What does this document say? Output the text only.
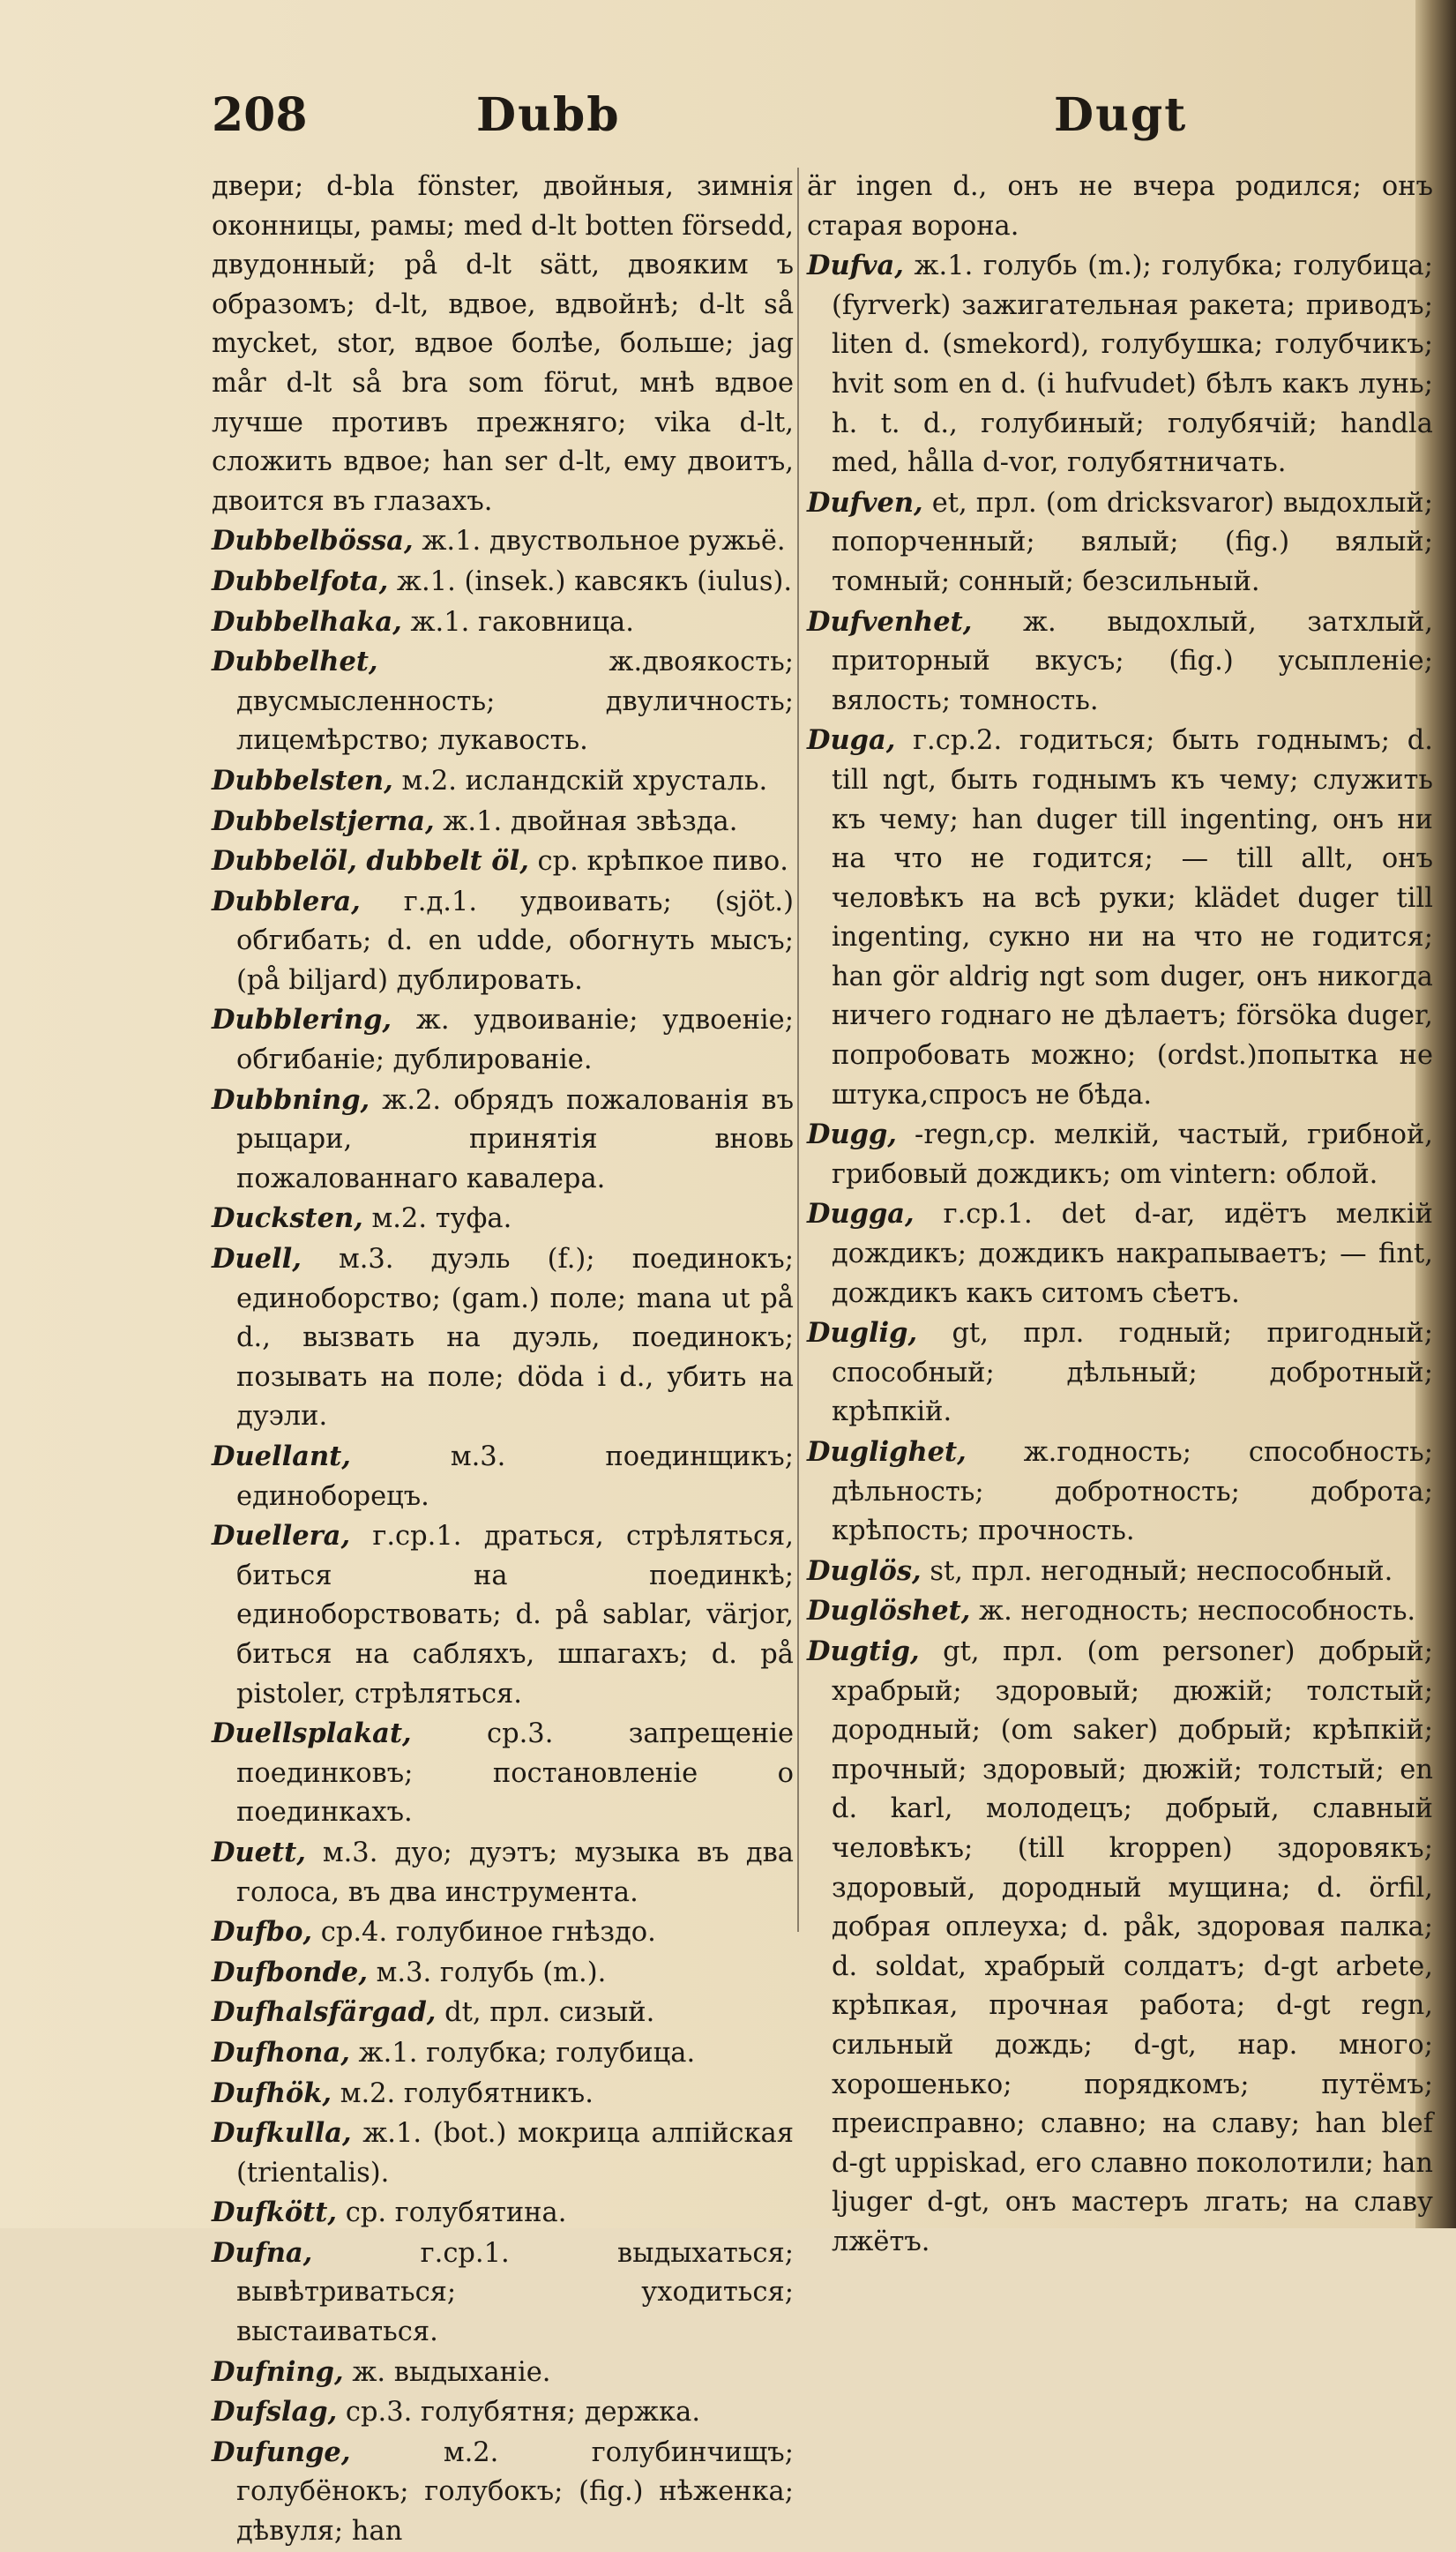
208	Dubb	Dugt

двери; d-bla fönster, двойныя, зимнія оконницы, рамы; med d-lt botten försedd, двудонный; på d-lt sätt, двояким ъ образомъ; d-lt, вдвое, вдвойнѣ; d-lt så mycket, stor, вдвое болѣе, больше; jag mår d-lt så bra som förut, мнѣ вдвое лучше противъ прежняго; vika d-lt, сложить вдвое; han ser d-lt, ему двоитъ, двоится въ глазахъ.

Dubbelbössa, ж.1. двуствольное ружьё.

Dubbelfota, ж.1. (insek.) кавсякъ (iulus).

Dubbelhaka, ж.1. гаковница.

Dubbelhet,	ж.двоякость; двусмысленность; двуличность; лицемѣрство; лукавость.

Dubbelsten, м.2. исландскій хрусталь.

Dubbelstjerna, ж.1. двойная звѣзда.

Dubbelöl, dubbelt öl, ср. крѣпкое пиво.

Dubblera, г.д.1. удвоивать; (sjöt.) обгибать; d. en udde, обогнуть мысъ; (på biljard) дублировать.

Dubblering, ж. удвоиваніе; удвоеніе; обгибаніе; дублированіе.

Dubbning, ж.2. обрядъ пожалованія въ рыцари, принятія вновь пожалованнаго кавалера.

Ducksten, м.2. туфа.

Duell, м.3. дуэль (f.); поединокъ; единоборство; (gam.) поле; mana ut på d., вызвать на дуэль, поединокъ; позывать на поле; döda i d., убить на дуэли.

Duellant,	м.3. поединщикъ; единоборецъ.

Duellera, г.ср.1. драться, стрѣляться, биться на поединкѣ; единоборствовать; d. på sablar, värjor, биться на сабляхъ, шпагахъ; d. på pistoler, стрѣляться.

Duellsplakat,	ср.3. запрещеніе поединковъ; постановленіе о поединкахъ.

Duett, м.3. дуо; дуэтъ; музыка въ два голоса, въ два инструмента.

Dufbo, ср.4. голубиное гнѣздо.

Dufbonde, м.3. голубь (m.).

Dufhalsfärgad, dt, прл. сизый.

Dufhona, ж.1. голубка; голубица.

Dufhök, м.2. голубятникъ.

Dufkulla, ж.1. (bot.) мокрица алпійская (trientalis).

Dufkött, ср. голубятина.

Dufna,	г.ср.1. выдыхаться; вывѣтриваться; уходиться; выстаиваться.

Dufning, ж. выдыханіе.

Dufslag, ср.3. голубятня; держка.

Dufunge,	м.2. голубинчищъ; голубёнокъ; голубокъ; (fig.) нѣженка; дѣвуля; han

är ingen d., онъ не вчера родился; онъ старая ворона.

Dufva, ж.1. голубь (m.); голубка; голубица; (fyrverk) зажигательная ракета; приводъ; liten d. (smekord), голубушка; голубчикъ; hvit som en d. (i hufvudet) бѣлъ какъ лунь; h. t. d., голубиный; голубячій; handla med, hålla d-vor, голубятничать.

Dufven, et, прл. (om dricksvaror) выдохлый; попорченный; вялый; (fig.) вялый; томный; сонный; безсильный.

Dufvenhet, ж. выдохлый, затхлый, приторный вкусъ; (fig.) усыпленіе; вялость; томность.

Duga, г.ср.2. годиться; быть годнымъ; d. till ngt, быть годнымъ къ чему; служить къ чему; han duger till ingenting, онъ ни на что не годится; — till allt, онъ человѣкъ на всѣ руки; klädet duger till ingenting, сукно ни на что не годится; han gör aldrig ngt som duger, онъ никогда ничего годнаго не дѣлаетъ; försöka duger, попробовать можно; (ordst.)попытка не штука,спросъ не бѣда.

Dugg, -regn,ср. мелкій, частый, грибной, грибовый дождикъ; om vintern: облой.

Dugga, г.ср.1. det d-ar, идётъ мелкій дождикъ; дождикъ накрапываетъ; — fint, дождикъ какъ ситомъ сѣетъ.

Duglig, gt, прл. годный; пригодный; способный; дѣльный; добротный; крѣпкій.

Duglighet, ж.годность; способность; дѣльность; добротность; доброта; крѣпость; прочность.

Duglös, st, прл. негодный; неспособный.

Duglöshet, ж. негодность; неспособность.

Dugtig, gt, прл. (om personer) добрый; храбрый; здоровый; дюжій; толстый; дородный; (om saker) добрый; крѣпкій; прочный; здоровый; дюжій; толстый; en d. karl, молодецъ; добрый, славный человѣкъ; (till kroppen) здоровякъ; здоровый, дородный мущина; d. örfil, добрая оплеуха; d. påk, здоровая палка; d. soldat, храбрый солдатъ; d-gt arbete, крѣпкая, прочная работа; d-gt regn, сильный дождь; d-gt, нар. много; хорошенько; порядкомъ; путёмъ; преисправно; славно; на славу; han blef d-gt uppiskad, его славно поколотили; han ljuger d-gt, онъ мастеръ лгать; на славу лжётъ.
